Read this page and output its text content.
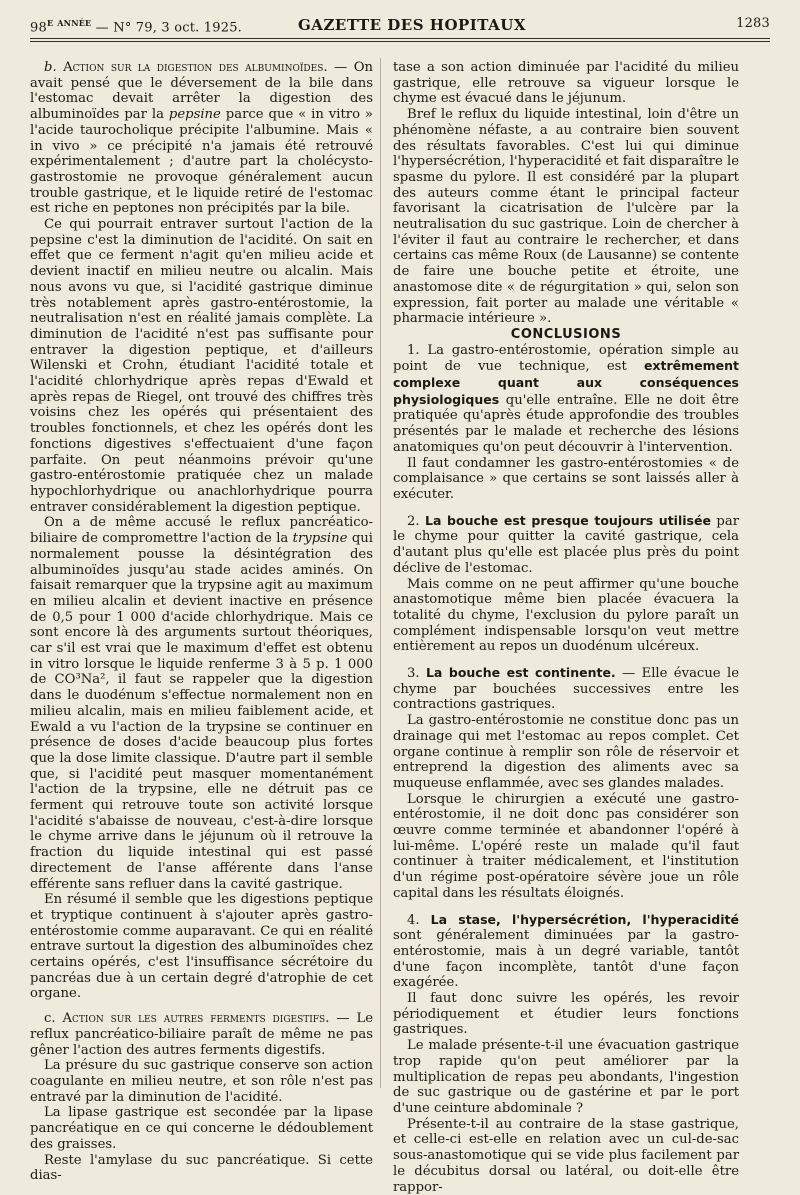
$98^{e année}$ — N° 79, 3 oct. 1925.	GAZETTE DES HOPITAUX	1283

b. Action sur la digestion des albuminoïdes. — On avait pensé que le déversement de la bile dans l'estomac devait arrêter la digestion des albuminoïdes par la pepsine parce que « in vitro » l'acide taurocholique précipite l'albumine. Mais « in vivo » ce précipité n'a jamais été retrouvé expérimentalement ; d'autre part la cholécysto-gastrostomie ne provoque généralement aucun trouble gastrique, et le liquide retiré de l'estomac est riche en peptones non précipités par la bile.

Ce qui pourrait entraver surtout l'action de la pepsine c'est la diminution de l'acidité. On sait en effet que ce ferment n'agit qu'en milieu acide et devient inactif en milieu neutre ou alcalin. Mais nous avons vu que, si l'acidité gastrique diminue très notablement après gastro-entérostomie, la neutralisation n'est en réalité jamais complète. La diminution de l'acidité n'est pas suffisante pour entraver la digestion peptique, et d'ailleurs Wilenski et Crohn, étudiant l'acidité totale et l'acidité chlorhydrique après repas d'Ewald et après repas de Riegel, ont trouvé des chiffres très voisins chez les opérés qui présentaient des troubles fonctionnels, et chez les opérés dont les fonctions digestives s'effectuaient d'une façon parfaite. On peut néanmoins prévoir qu'une gastro-entérostomie pratiquée chez un malade hypochlorhydrique ou anachlorhydrique pourra entraver considérablement la digestion peptique.

On a de même accusé le reflux pancréatico-biliaire de compromettre l'action de la trypsine qui normalement pousse la désintégration des albuminoïdes jusqu'au stade acides aminés. On faisait remarquer que la trypsine agit au maximum en milieu alcalin et devient inactive en présence de 0,5 pour 1 000 d'acide chlorhydrique. Mais ce sont encore là des arguments surtout théoriques, car s'il est vrai que le maximum d'effet est obtenu in vitro lorsque le liquide renferme 3 à 5 p. 1 000 de CO³Na², il faut se rappeler que la digestion dans le duodénum s'effectue normalement non en milieu alcalin, mais en milieu faiblement acide, et Ewald a vu l'action de la trypsine se continuer en présence de doses d'acide beaucoup plus fortes que la dose limite classique. D'autre part il semble que, si l'acidité peut masquer momentanément l'action de la trypsine, elle ne détruit pas ce ferment qui retrouve toute son activité lorsque l'acidité s'abaisse de nouveau, c'est-à-dire lorsque le chyme arrive dans le jéjunum où il retrouve la fraction du liquide intestinal qui est passé directement de l'anse afférente dans l'anse efférente sans refluer dans la cavité gastrique.

En résumé il semble que les digestions peptique et tryptique continuent à s'ajouter après gastro-entérostomie comme auparavant. Ce qui en réalité entrave surtout la digestion des albuminoïdes chez certains opérés, c'est l'insuffisance sécrétoire du pancréas due à un certain degré d'atrophie de cet organe.

c. Action sur les autres ferments digestifs. — Le reflux pancréatico-biliaire paraît de même ne pas gêner l'action des autres ferments digestifs.

La présure du suc gastrique conserve son action coagulante en milieu neutre, et son rôle n'est pas entravé par la diminution de l'acidité.

La lipase gastrique est secondée par la lipase pancréatique en ce qui concerne le dédoublement des graisses.

Reste l'amylase du suc pancréatique. Si cette dias-

tase a son action diminuée par l'acidité du milieu gastrique, elle retrouve sa vigueur lorsque le chyme est évacué dans le jéjunum.

Bref le reflux du liquide intestinal, loin d'être un phénomène néfaste, a au contraire bien souvent des résultats favorables. C'est lui qui diminue l'hypersécrétion, l'hyperacidité et fait disparaître le spasme du pylore. Il est considéré par la plupart des auteurs comme étant le principal facteur favorisant la cicatrisation de l'ulcère par la neutralisation du suc gastrique. Loin de chercher à l'éviter il faut au contraire le rechercher, et dans certains cas même Roux (de Lausanne) se contente de faire une bouche petite et étroite, une anastomose dite « de régurgitation » qui, selon son expression, fait porter au malade une véritable « pharmacie intérieure ».

CONCLUSIONS

1. La gastro-entérostomie, opération simple au point de vue technique, est extrêmement complexe quant aux conséquences physiologiques qu'elle entraîne. Elle ne doit être pratiquée qu'après étude approfondie des troubles présentés par le malade et recherche des lésions anatomiques qu'on peut découvrir à l'intervention.

Il faut condamner les gastro-entérostomies « de complaisance » que certains se sont laissés aller à exécuter.

2. La bouche est presque toujours utilisée par le chyme pour quitter la cavité gastrique, cela d'autant plus qu'elle est placée plus près du point déclive de l'estomac.

Mais comme on ne peut affirmer qu'une bouche anastomotique même bien placée évacuera la totalité du chyme, l'exclusion du pylore paraît un complément indispensable lorsqu'on veut mettre entièrement au repos un duodénum ulcéreux.

3. La bouche est continente. — Elle évacue le chyme par bouchées successives entre les contractions gastriques.

La gastro-entérostomie ne constitue donc pas un drainage qui met l'estomac au repos complet. Cet organe continue à remplir son rôle de réservoir et entreprend la digestion des aliments avec sa muqueuse enflammée, avec ses glandes malades.

Lorsque le chirurgien a exécuté une gastro-entérostomie, il ne doit donc pas considérer son œuvre comme terminée et abandonner l'opéré à lui-même. L'opéré reste un malade qu'il faut continuer à traiter médicalement, et l'institution d'un régime post-opératoire sévère joue un rôle capital dans les résultats éloignés.

4. La stase, l'hypersécrétion, l'hyperacidité sont généralement diminuées par la gastro-entérostomie, mais à un degré variable, tantôt d'une façon incomplète, tantôt d'une façon exagérée.

Il faut donc suivre les opérés, les revoir périodiquement et étudier leurs fonctions gastriques.

Le malade présente-t-il une évacuation gastrique trop rapide qu'on peut améliorer par la multiplication de repas peu abondants, l'ingestion de suc gastrique ou de gastérine et par le port d'une ceinture abdominale ?

Présente-t-il au contraire de la stase gastrique, et celle-ci est-elle en relation avec un cul-de-sac sous-anastomotique qui se vide plus facilement par le décubitus dorsal ou latéral, ou doit-elle être rappor-
